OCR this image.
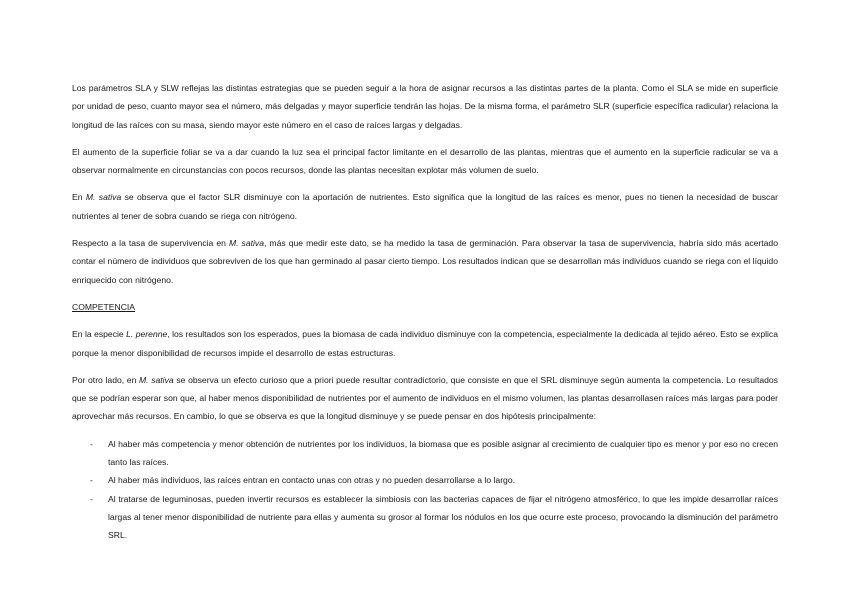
Los parámetros SLA y SLW reflejas las distintas estrategias que se pueden seguir a la hora de asignar recursos a las distintas partes de la planta. Como el SLA se mide en superficie por unidad de peso, cuanto mayor sea el número, más delgadas y mayor superficie tendrán las hojas. De la misma forma, el parámetro SLR (superficie específica radicular) relaciona la longitud de las raíces con su masa, siendo mayor este número en el caso de raíces largas y delgadas.

El aumento de la superficie foliar se va a dar cuando la luz sea el principal factor limitante en el desarrollo de las plantas, mientras que el aumento en la superficie radicular se va a observar normalmente en circunstancias con pocos recursos, donde las plantas necesitan explotar más volumen de suelo.

En M. sativa se observa que el factor SLR disminuye con la aportación de nutrientes. Esto significa que la longitud de las raíces es menor, pues no tienen la necesidad de buscar nutrientes al tener de sobra cuando se riega con nitrógeno.

Respecto a la tasa de supervivencia en M. sativa, más que medir este dato, se ha medido la tasa de germinación. Para observar la tasa de supervivencia, habría sido más acertado contar el número de individuos que sobreviven de los que han germinado al pasar cierto tiempo. Los resultados indican que se desarrollan más individuos cuando se riega con el líquido enriquecido con nitrógeno.

COMPETENCIA

En la especie L. perenne, los resultados son los esperados, pues la biomasa de cada individuo disminuye con la competencia, especialmente la dedicada al tejido aéreo. Esto se explica porque la menor disponibilidad de recursos impide el desarrollo de estas estructuras.

Por otro lado, en M. sativa se observa un efecto curioso que a priori puede resultar contradictorio, que consiste en que el SRL disminuye según aumenta la competencia. Lo resultados que se podrían esperar son que, al haber menos disponibilidad de nutrientes por el aumento de individuos en el mismo volumen, las plantas desarrollasen raíces más largas para poder aprovechar más recursos. En cambio, lo que se observa es que la longitud disminuye y se puede pensar en dos hipótesis principalmente:

- Al haber más competencia y menor obtención de nutrientes por los individuos, la biomasa que es posible asignar al crecimiento de cualquier tipo es menor y por eso no crecen tanto las raíces.
- Al haber más individuos, las raíces entran en contacto unas con otras y no pueden desarrollarse a lo largo.
- Al tratarse de leguminosas, pueden invertir recursos es establecer la simbiosis con las bacterias capaces de fijar el nitrógeno atmosférico, lo que les impide desarrollar raíces largas al tener menor disponibilidad de nutriente para ellas y aumenta su grosor al formar los nódulos en los que ocurre este proceso, provocando la disminución del parámetro SRL.
